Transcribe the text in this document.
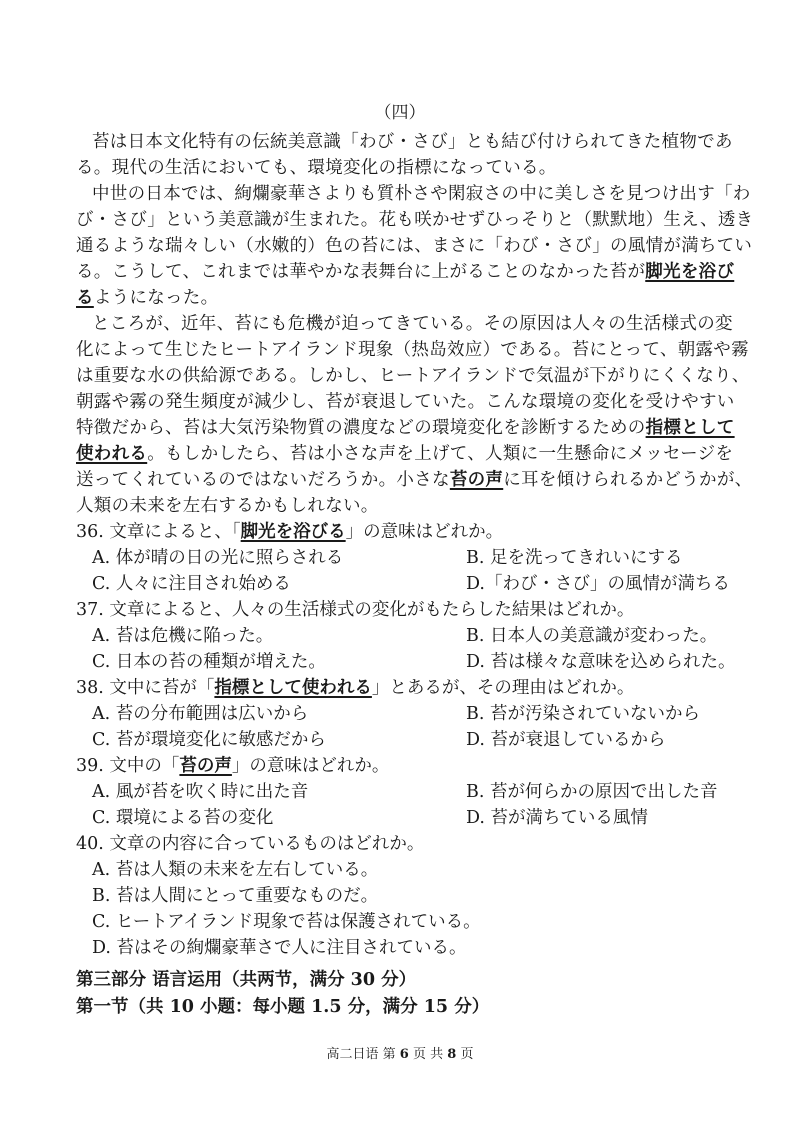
（四）
苔は日本文化特有の伝統美意識「わび・さび」とも結び付けられてきた植物であ
る。現代の生活においても、環境変化の指標になっている。
中世の日本では、絢爛豪華さよりも質朴さや閑寂さの中に美しさを見つけ出す「わ
び・さび」という美意識が生まれた。花も咲かせずひっそりと（默默地）生え、透き
通るような瑞々しい（水嫩的）色の苔には、まさに「わび・さび」の風情が満ちてい
る。こうして、これまでは華やかな表舞台に上がることのなかった苔が脚光を浴び
るようになった。
ところが、近年、苔にも危機が迫ってきている。その原因は人々の生活様式の変
化によって生じたヒートアイランド現象（热岛效应）である。苔にとって、朝露や霧
は重要な水の供給源である。しかし、ヒートアイランドで気温が下がりにくくなり、
朝露や霧の発生頻度が減少し、苔が衰退していた。こんな環境の変化を受けやすい
特徴だから、苔は大気汚染物質の濃度などの環境変化を診断するための指標として
使われる。もしかしたら、苔は小さな声を上げて、人類に一生懸命にメッセージを
送ってくれているのではないだろうか。小さな苔の声に耳を傾けられるかどうかが、
人類の未来を左右するかもしれない。
36. 文章によると、「脚光を浴びる」の意味はどれか。
A. 体が晴の日の光に照らされる	B. 足を洗ってきれいにする
C. 人々に注目され始める	D.「わび・さび」の風情が満ちる
37. 文章によると、人々の生活様式の変化がもたらした結果はどれか。
A. 苔は危機に陥った。	B. 日本人の美意識が変わった。
C. 日本の苔の種類が増えた。	D. 苔は様々な意味を込められた。
38. 文中に苔が「指標として使われる」とあるが、その理由はどれか。
A. 苔の分布範囲は広いから	B. 苔が汚染されていないから
C. 苔が環境変化に敏感だから	D. 苔が衰退しているから
39. 文中の「苔の声」の意味はどれか。
A. 風が苔を吹く時に出た音	B. 苔が何らかの原因で出した音
C. 環境による苔の変化	D. 苔が満ちている風情
40. 文章の内容に合っているものはどれか。
A. 苔は人類の未来を左右している。
B. 苔は人間にとって重要なものだ。
C. ヒートアイランド現象で苔は保護されている。
D. 苔はその絢爛豪華さで人に注目されている。
第三部分 语言运用（共两节，满分 30 分）
第一节（共 10 小题：每小题 1.5 分，满分 15 分）
高二日语 第 6 页 共 8 页
